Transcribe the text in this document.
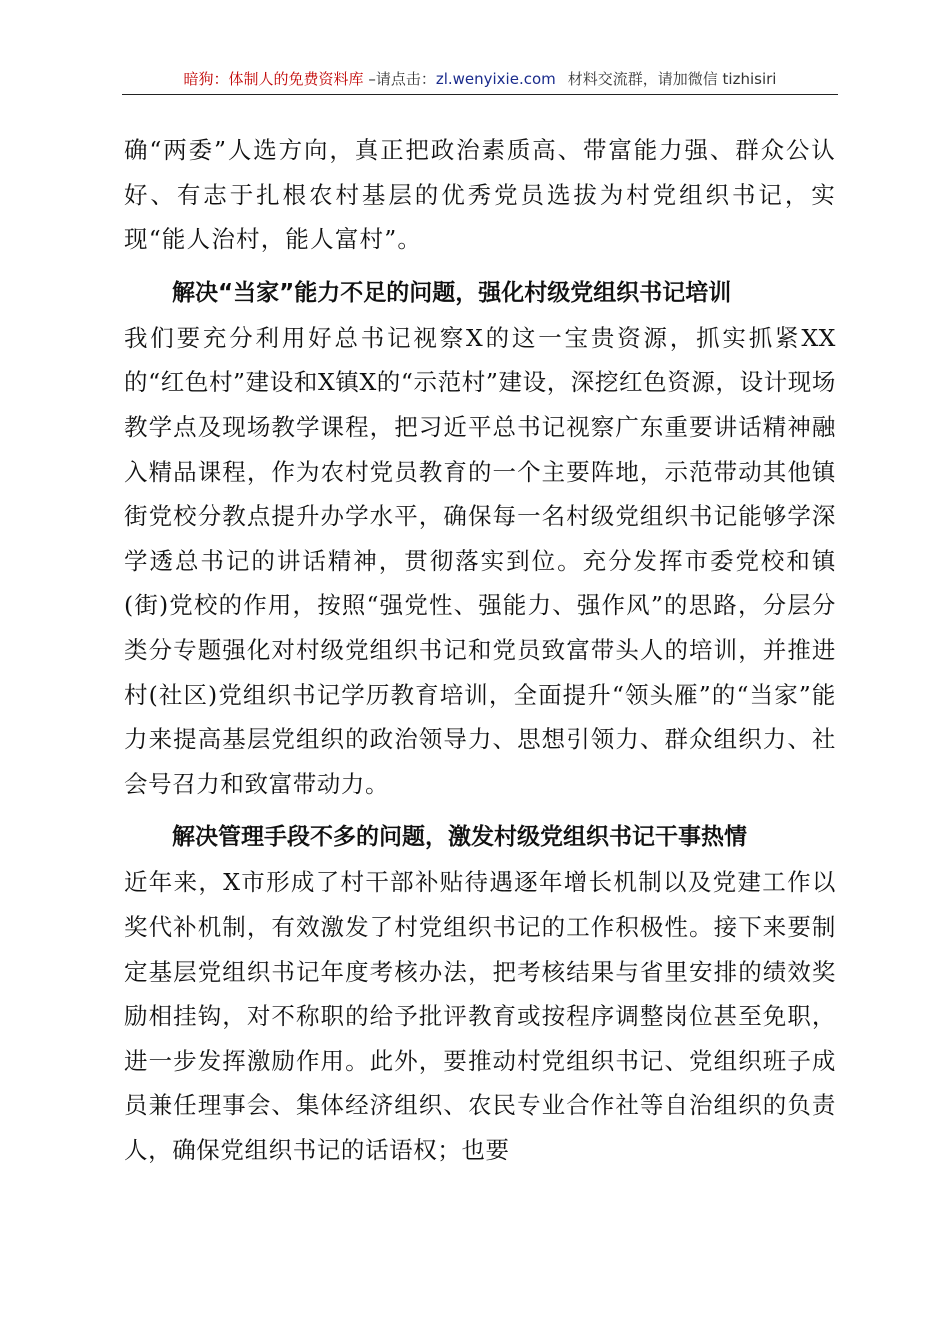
暗狗：体制人的免费资料库 –请点击：zl.wenyixie.com 材料交流群，请加微信 tizhisiri

确“两委”人选方向，真正把政治素质高、带富能力强、群众公认好、有志于扎根农村基层的优秀党员选拔为村党组织书记，实现“能人治村，能人富村”。

解决“当家”能力不足的问题，强化村级党组织书记培训

我们要充分利用好总书记视察X的这一宝贵资源，抓实抓紧XX的“红色村”建设和X镇X的“示范村”建设，深挖红色资源，设计现场教学点及现场教学课程，把习近平总书记视察广东重要讲话精神融入精品课程，作为农村党员教育的一个主要阵地，示范带动其他镇街党校分教点提升办学水平，确保每一名村级党组织书记能够学深学透总书记的讲话精神，贯彻落实到位。充分发挥市委党校和镇(街)党校的作用，按照“强党性、强能力、强作风”的思路，分层分类分专题强化对村级党组织书记和党员致富带头人的培训，并推进村(社区)党组织书记学历教育培训，全面提升“领头雁”的“当家”能力来提高基层党组织的政治领导力、思想引领力、群众组织力、社会号召力和致富带动力。

解决管理手段不多的问题，激发村级党组织书记干事热情

近年来，X市形成了村干部补贴待遇逐年增长机制以及党建工作以奖代补机制，有效激发了村党组织书记的工作积极性。接下来要制定基层党组织书记年度考核办法，把考核结果与省里安排的绩效奖励相挂钩，对不称职的给予批评教育或按程序调整岗位甚至免职，进一步发挥激励作用。此外，要推动村党组织书记、党组织班子成员兼任理事会、集体经济组织、农民专业合作社等自治组织的负责人，确保党组织书记的话语权；也要
